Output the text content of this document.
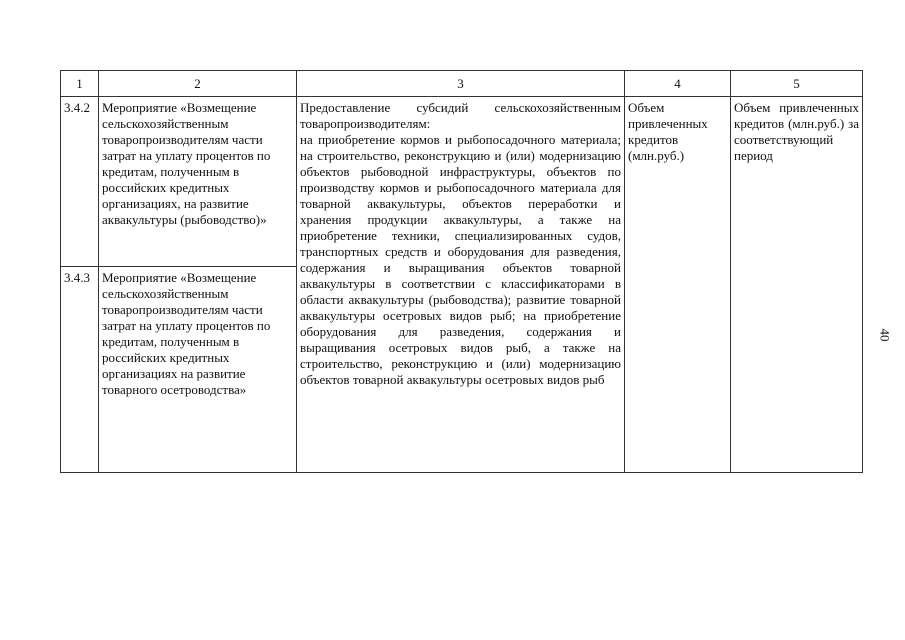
1	2	3	4	5
3.4.2	Мероприятие «Возмещение сельскохозяйственным товаропроизводителям части затрат на уплату процентов по кредитам, полученным в российских кредитных организациях, на развитие аквакультуры (рыбоводство)»	Предоставление субсидий сельскохозяйственным товаропроизводителям:
на приобретение кормов и рыбопосадочного материала; на строительство, реконструкцию и (или) модернизацию объектов рыбоводной инфраструктуры, объектов по производству кормов и рыбопосадочного материала для товарной аквакультуры, объектов переработки и хранения продукции аквакультуры, а также на приобретение техники, специализированных судов, транспортных средств и оборудования для разведения, содержания и выращивания объектов товарной аквакультуры в соответствии с классификаторами в области аквакультуры (рыбоводства); развитие товарной аквакультуры осетровых видов рыб; на приобретение оборудования для разведения, содержания и выращивания осетровых видов рыб, а также на строительство, реконструкцию и (или) модернизацию объектов товарной аквакультуры осетровых видов рыб	Объем привлеченных кредитов (млн.руб.)	Объем привлеченных кредитов (млн.руб.) за соответствующий период
3.4.3	Мероприятие «Возмещение сельскохозяйственным товаропроизводителям части затрат на уплату процентов по кредитам, полученным в российских кредитных организациях на развитие товарного осетроводства»			
40
